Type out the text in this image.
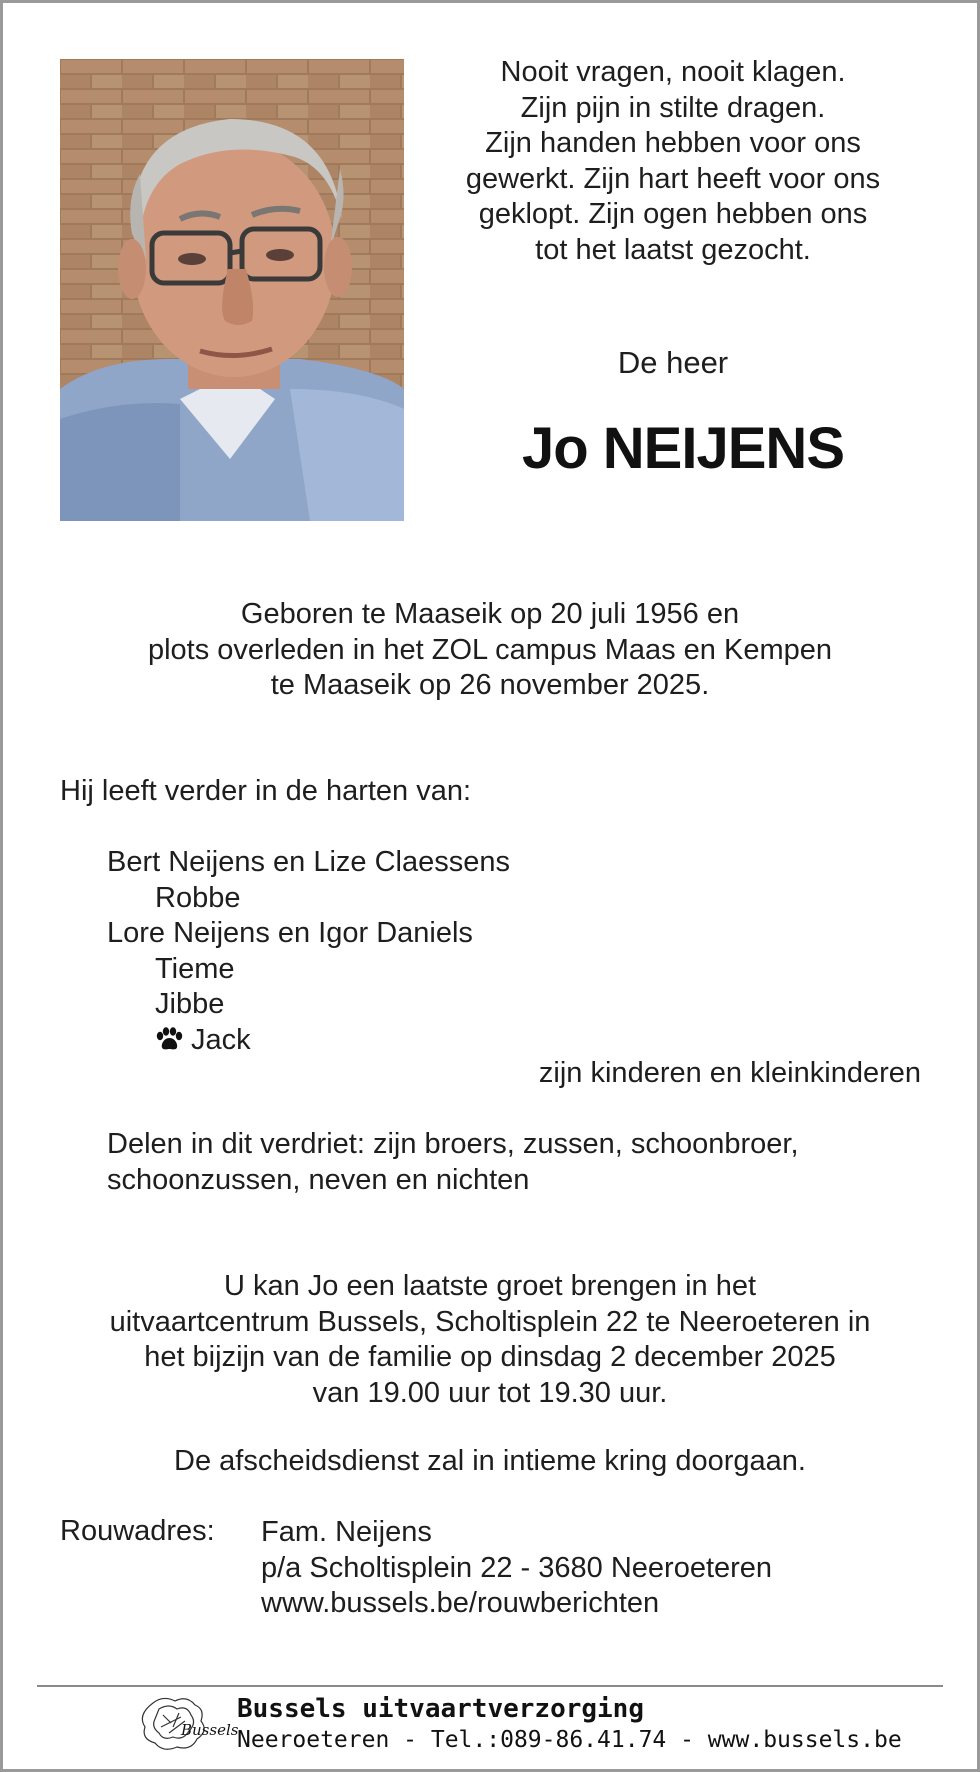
Nooit vragen, nooit klagen.
Zijn pijn in stilte dragen.
Zijn handen hebben voor ons
gewerkt. Zijn hart heeft voor ons
geklopt. Zijn ogen hebben ons
tot het laatst gezocht.
De heer
Jo NEIJENS
Geboren te Maaseik op 20 juli 1956 en
plots overleden in het ZOL campus Maas en Kempen
te Maaseik op 26 november 2025.
Hij leeft verder in de harten van:
Bert Neijens en Lize Claessens
Robbe
Lore Neijens en Igor Daniels
Tieme
Jibbe
Jack
zijn kinderen en kleinkinderen
Delen in dit verdriet: zijn broers, zussen, schoonbroer,
schoonzussen, neven en nichten
U kan Jo een laatste groet brengen in het
uitvaartcentrum Bussels, Scholtisplein 22 te Neeroeteren in
het bijzijn van de familie op dinsdag 2 december 2025
van 19.00 uur tot 19.30 uur.
De afscheidsdienst zal in intieme kring doorgaan.
Rouwadres: Fam. Neijens
p/a Scholtisplein 22 - 3680 Neeroeteren
www.bussels.be/rouwberichten
Bussels
Bussels uitvaartverzorging
Neeroeteren - Tel.:089-86.41.74 - www.bussels.be
